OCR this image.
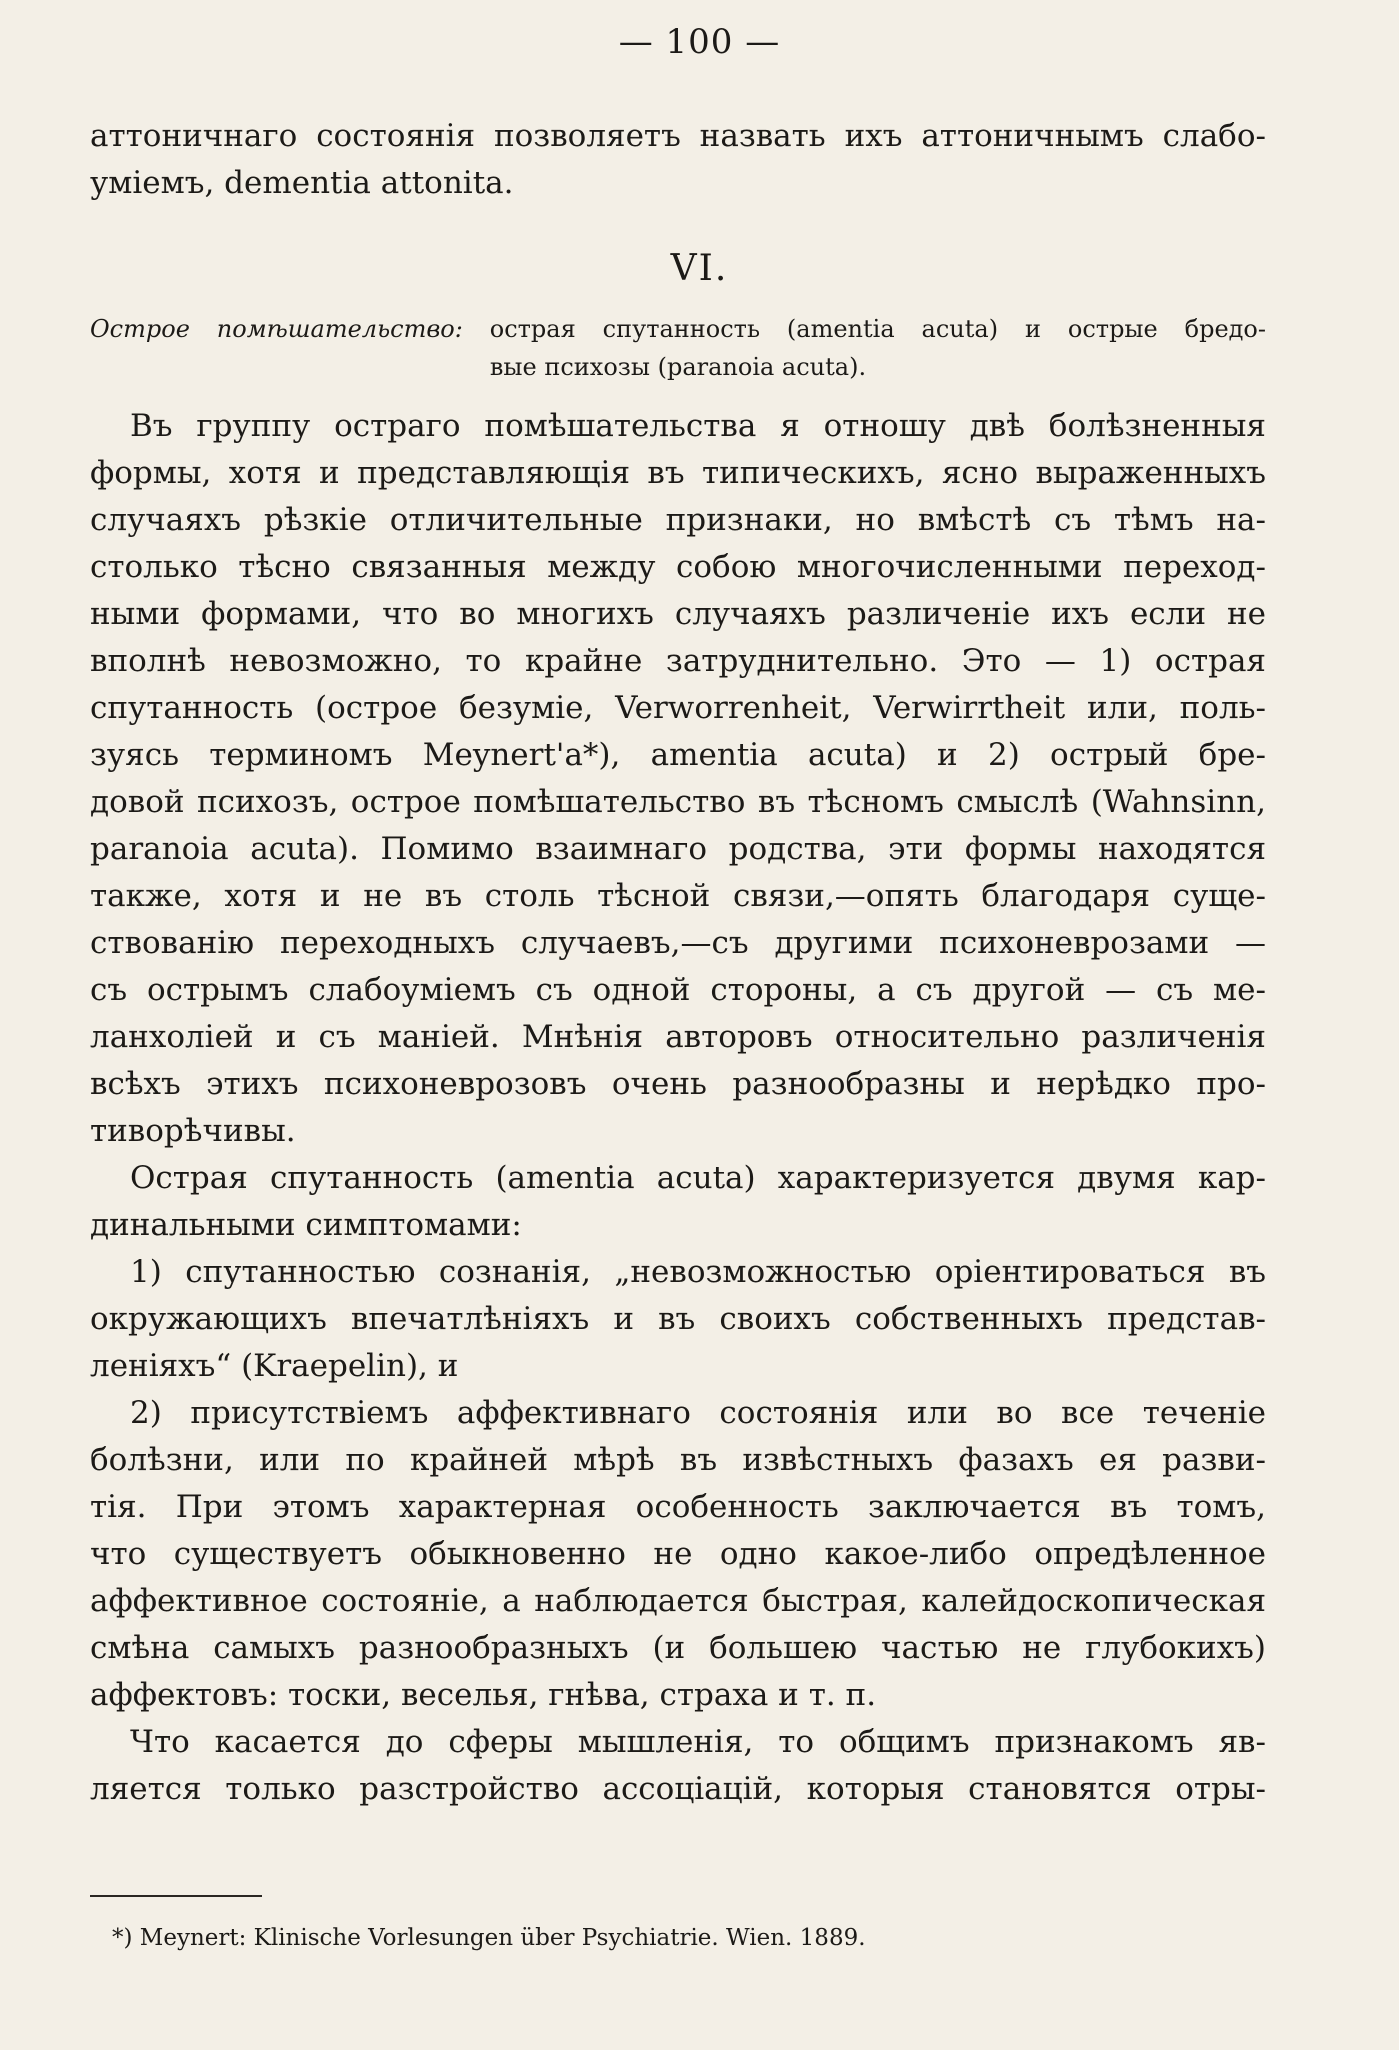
— 100 —
аттоничнаго состоянія позволяетъ назвать ихъ аттоничнымъ слабо-
уміемъ, dementia attonita.
VI.
Острое помѣшательство: острая спутанность (amentia acuta) и острые бредо-
вые психозы (paranoia acuta).
Въ группу остраго помѣшательства я отношу двѣ болѣзненныя
формы, хотя и представляющія въ типическихъ, ясно выраженныхъ
случаяхъ рѣзкіе отличительные признаки, но вмѣстѣ съ тѣмъ на-
столько тѣсно связанныя между собою многочисленными переход-
ными формами, что во многихъ случаяхъ различеніе ихъ если не
вполнѣ невозможно, то крайне затруднительно. Это — 1) острая
спутанность (острое безуміе, Verworrenheit, Verwirrtheit или, поль-
зуясь терминомъ Meynert'а*), amentia acuta) и 2) острый бре-
довой психозъ, острое помѣшательство въ тѣсномъ смыслѣ (Wahnsinn,
paranoia acuta). Помимо взаимнаго родства, эти формы находятся
также, хотя и не въ столь тѣсной связи,—опять благодаря суще-
ствованію переходныхъ случаевъ,—съ другими психоневрозами —
съ острымъ слабоуміемъ съ одной стороны, а съ другой — съ ме-
ланхоліей и съ маніей. Мнѣнія авторовъ относительно различенія
всѣхъ этихъ психоневрозовъ очень разнообразны и нерѣдко про-
тиворѣчивы.
Острая спутанность (amentia acuta) характеризуется двумя кар-
динальными симптомами:
1) спутанностью сознанія, „невозможностью оріентироваться въ
окружающихъ впечатлѣніяхъ и въ своихъ собственныхъ представ-
леніяхъ“ (Kraepelin), и
2) присутствіемъ аффективнаго состоянія или во все теченіе
болѣзни, или по крайней мѣрѣ въ извѣстныхъ фазахъ ея разви-
тія. При этомъ характерная особенность заключается въ томъ,
что существуетъ обыкновенно не одно какое-либо опредѣленное
аффективное состояніе, а наблюдается быстрая, калейдоскопическая
смѣна самыхъ разнообразныхъ (и большею частью не глубокихъ)
аффектовъ: тоски, веселья, гнѣва, страха и т. п.
Что касается до сферы мышленія, то общимъ признакомъ яв-
ляется только разстройство ассоціацій, которыя становятся отры-
*) Meynert: Klinische Vorlesungen über Psychiatrie. Wien. 1889.
